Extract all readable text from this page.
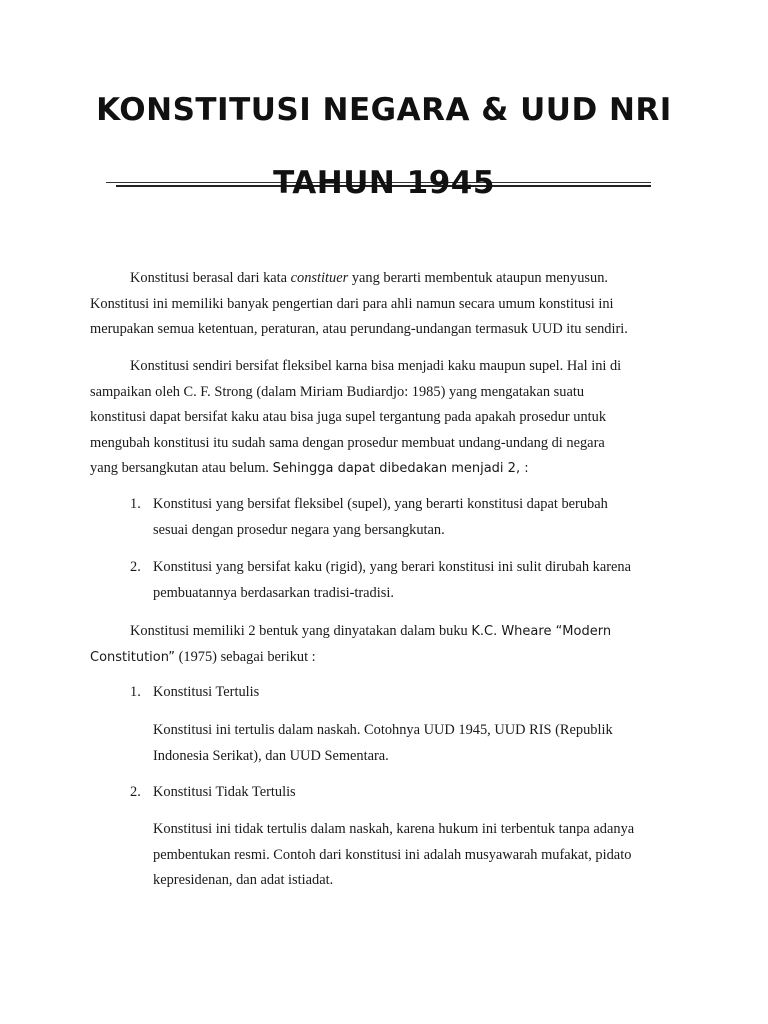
KONSTITUSI NEGARA & UUD NRI
TAHUN 1945
Konstitusi berasal dari kata constituer yang berarti membentuk ataupun menyusun.
Konstitusi ini memiliki banyak pengertian dari para ahli namun secara umum konstitusi ini
merupakan semua ketentuan, peraturan, atau perundang-undangan termasuk UUD itu sendiri.
Konstitusi sendiri bersifat fleksibel karna bisa menjadi kaku maupun supel. Hal ini di
sampaikan oleh C. F. Strong (dalam Miriam Budiardjo: 1985) yang mengatakan suatu
konstitusi dapat bersifat kaku atau bisa juga supel tergantung pada apakah prosedur untuk
mengubah konstitusi itu sudah sama dengan prosedur membuat undang-undang di negara
yang bersangkutan atau belum. Sehingga dapat dibedakan menjadi 2, :
1. Konstitusi yang bersifat fleksibel (supel), yang berarti konstitusi dapat berubah
sesuai dengan prosedur negara yang bersangkutan.
2. Konstitusi yang bersifat kaku (rigid), yang berari konstitusi ini sulit dirubah karena
pembuatannya berdasarkan tradisi-tradisi.
Konstitusi memiliki 2 bentuk yang dinyatakan dalam buku K.C. Wheare “Modern
Constitution” (1975) sebagai berikut :
1. Konstitusi Tertulis
Konstitusi ini tertulis dalam naskah. Cotohnya UUD 1945, UUD RIS (Republik
Indonesia Serikat), dan UUD Sementara.
2. Konstitusi Tidak Tertulis
Konstitusi ini tidak tertulis dalam naskah, karena hukum ini terbentuk tanpa adanya
pembentukan resmi. Contoh dari konstitusi ini adalah musyawarah mufakat, pidato
kepresidenan, dan adat istiadat.
